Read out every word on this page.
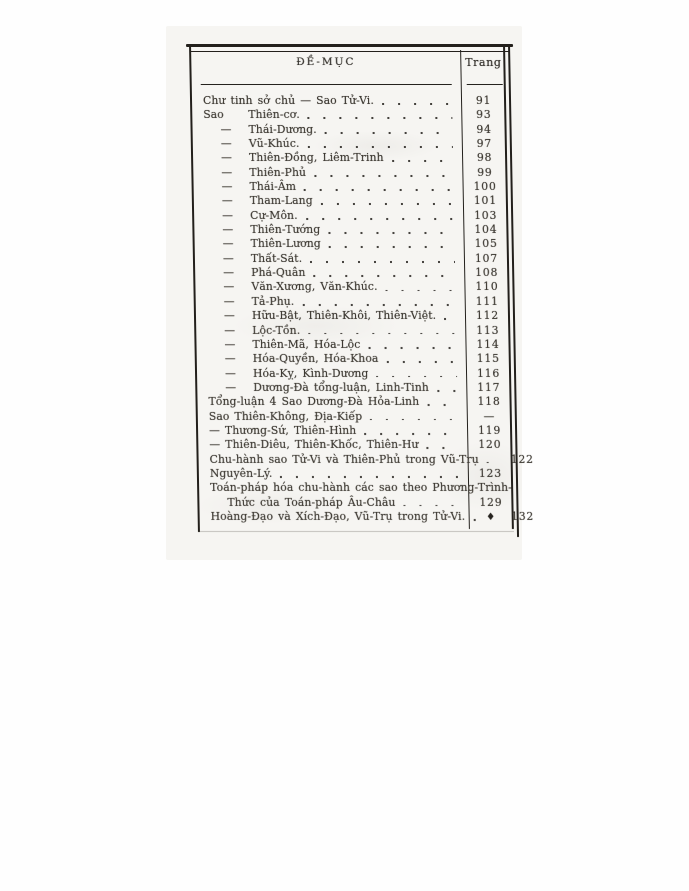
ĐỀ-MỤC	Trang
Chư tinh sở chủ — Sao Tử-Vi.	91
Sao	Thiên-cơ.	93
—	Thái-Dương.	94
—	Vũ-Khúc.	97
—	Thiên-Đồng, Liêm-Trinh	98
—	Thiên-Phủ	99
—	Thái-Âm	100
—	Tham-Lang	101
—	Cự-Môn.	103
—	Thiên-Tướng	104
—	Thiên-Lương	105
—	Thất-Sát.	107
—	Phá-Quân	108
—	Văn-Xương, Văn-Khúc.	110
—	Tả-Phụ.	111
—	Hữu-Bật, Thiên-Khôi, Thiên-Việt.	112
—	Lộc-Tồn.	113
—	Thiên-Mã, Hóa-Lộc	114
—	Hóa-Quyền, Hóa-Khoa	115
—	Hóa-Kỵ, Kình-Dương	116
—	Dương-Đà tổng-luận, Linh-Tinh	117
Tổng-luận 4 Sao Dương-Đà Hỏa-Linh	118
Sao Thiên-Không, Địa-Kiếp	—
— Thương-Sứ, Thiên-Hình	119
— Thiên-Diêu, Thiên-Khốc, Thiên-Hư	120
Chu-hành sao Tử-Vi và Thiên-Phủ trong Vũ-Trụ	122
Nguyên-Lý.	123
Toán-pháp hóa chu-hành các sao theo Phương-Trình-
Thức của Toán-pháp Âu-Châu	129
Hoàng-Đạo và Xích-Đạo, Vũ-Trụ trong Tử-Vi. ♦	132
